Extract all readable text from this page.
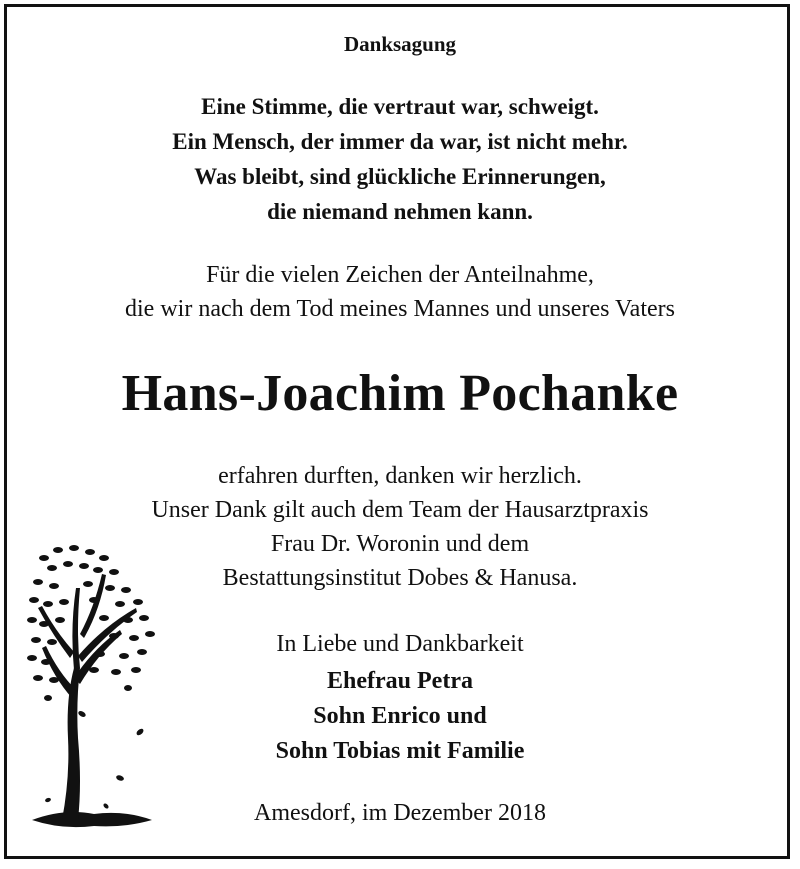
Danksagung
Eine Stimme, die vertraut war, schweigt.
Ein Mensch, der immer da war, ist nicht mehr.
Was bleibt, sind glückliche Erinnerungen,
die niemand nehmen kann.
Für die vielen Zeichen der Anteilnahme,
die wir nach dem Tod meines Mannes und unseres Vaters
Hans-Joachim Pochanke
erfahren durften, danken wir herzlich.
Unser Dank gilt auch dem Team der Hausarztpraxis
Frau Dr. Woronin und dem
Bestattungsinstitut Dobes & Hanusa.
In Liebe und Dankbarkeit
Ehefrau Petra
Sohn Enrico und
Sohn Tobias mit Familie
Amesdorf, im Dezember 2018
